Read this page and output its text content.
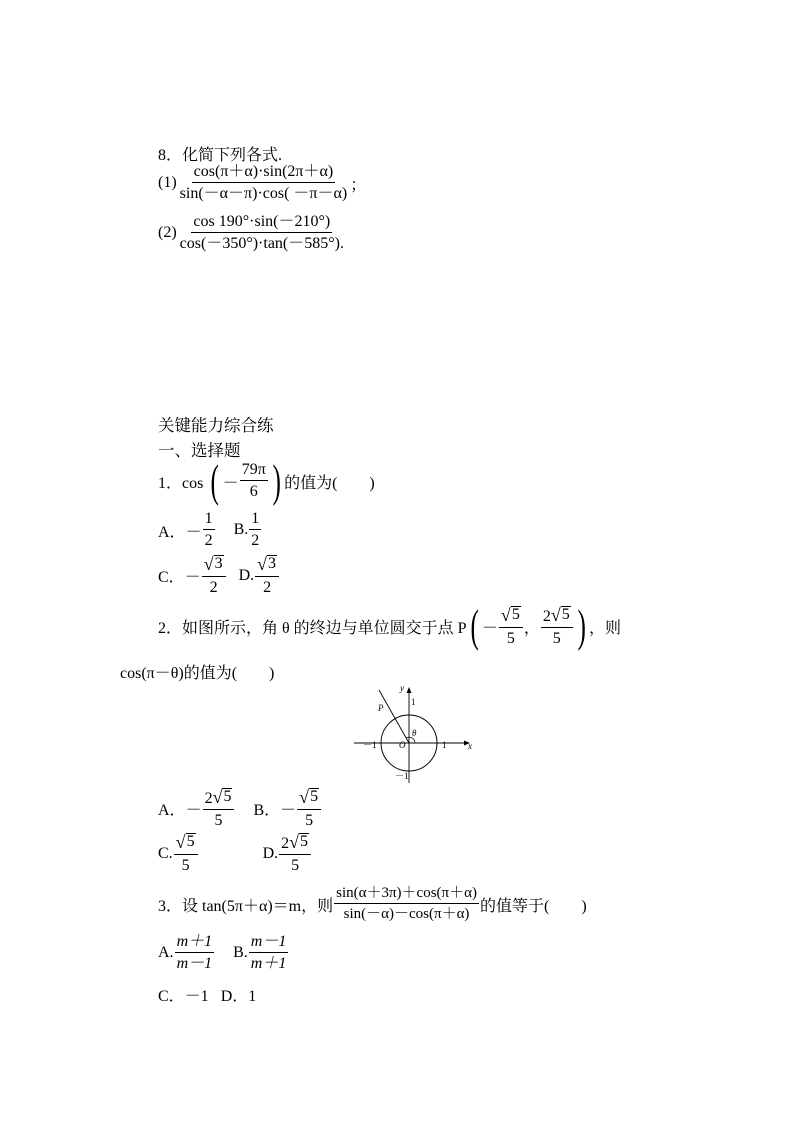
8．化简下列各式.
$(1) \frac{\cos(\pi+\alpha)\cdot\sin(2\pi+\alpha)}{\sin(-\alpha-\pi)\cdot\cos( -\pi-\alpha)}$ ；
$(2) \frac{\cos 190^\circ\cdot\sin(-210^\circ)}{\cos(-350^\circ)\cdot\tan(-585^\circ).}$
关键能力综合练
一、选择题
1．cos ( － $\frac{79\pi}{6}$ ) 的值为(　　)
A． － $\frac{1}{2} B$. $\frac{1}{2}$
C． － $\frac{√ 3}{2} D$. $\frac{√ 3}{2}$
2．如图所示，角 θ 的终边与单位圆交于点 P ( － $\frac{√ 5}{5}$ ， $\frac{2 √ 5}{5}$ ) ，则
cos(π－θ)的值为(　　)
y
x
P
O
θ
1
1
－1
－1
A． － $\frac{2 √ 5}{5}$ B． － $\frac{√ 5}{5}$
C. $\frac{√ 5}{5}$	D. $\frac{2 √ 5}{5}$
3．设 tan(5π＋α)＝m，则 $\frac{\sin(\alpha+3\pi)+\cos(\pi+\alpha)}{\sin(-\alpha)-\cos(\pi+\alpha)}$ 的值等于(　　)
A. $\frac{m+1}{m-1} B$. $\frac{m-1}{m+1}$
C．－1 D．1
